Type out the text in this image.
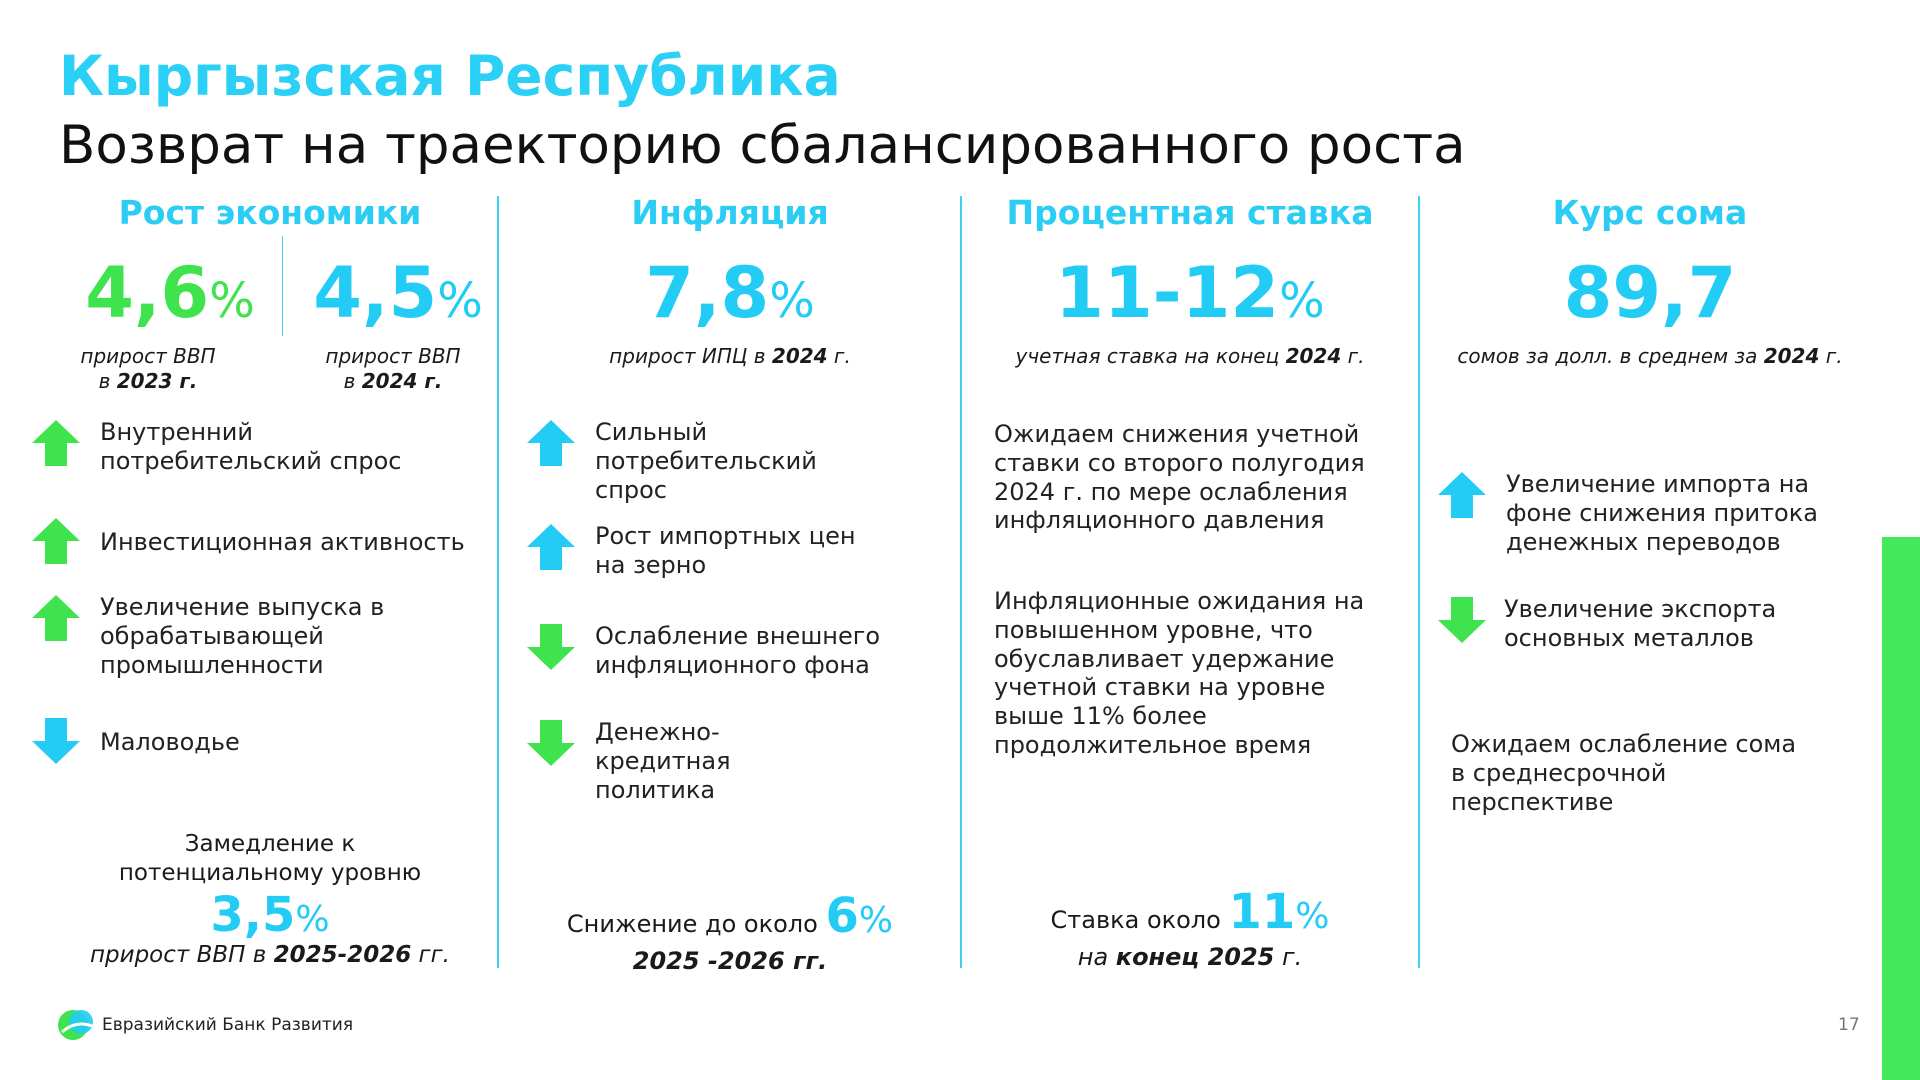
Кыргызская Республика
Возврат на траекторию сбалансированного роста
Рост экономики
4,6% 4,5%
прирост ВВП
в 2023 г.
прирост ВВП
в 2024 г.
Внутренний потребительский спрос
Инвестиционная активность
Увеличение выпуска в обрабатывающей промышленности
Маловодье
Замедление к
потенциальному уровню
3,5%
прирост ВВП в 2025-2026 гг.
Инфляция
7,8%
прирост ИПЦ в 2024 г.
Сильный потребительский спрос
Рост импортных цен на зерно
Ослабление внешнего инфляционного фона
Денежно-кредитная политика
Снижение до около 6%
2025 -2026 гг.
Процентная ставка
11-12%
учетная ставка на конец 2024 г.
Ожидаем снижения учетной ставки со второго полугодия 2024 г. по мере ослабления инфляционного давления
Инфляционные ожидания на повышенном уровне, что обуславливает удержание учетной ставки на уровне выше 11% более продолжительное время
Ставка около 11%
на конец 2025 г.
Курс сома
89,7
сомов за долл. в среднем за 2024 г.
Увеличение импорта на фоне снижения притока денежных переводов
Увеличение экспорта основных металлов
Ожидаем ослабление сома в среднесрочной перспективе
Евразийский Банк Развития	17
